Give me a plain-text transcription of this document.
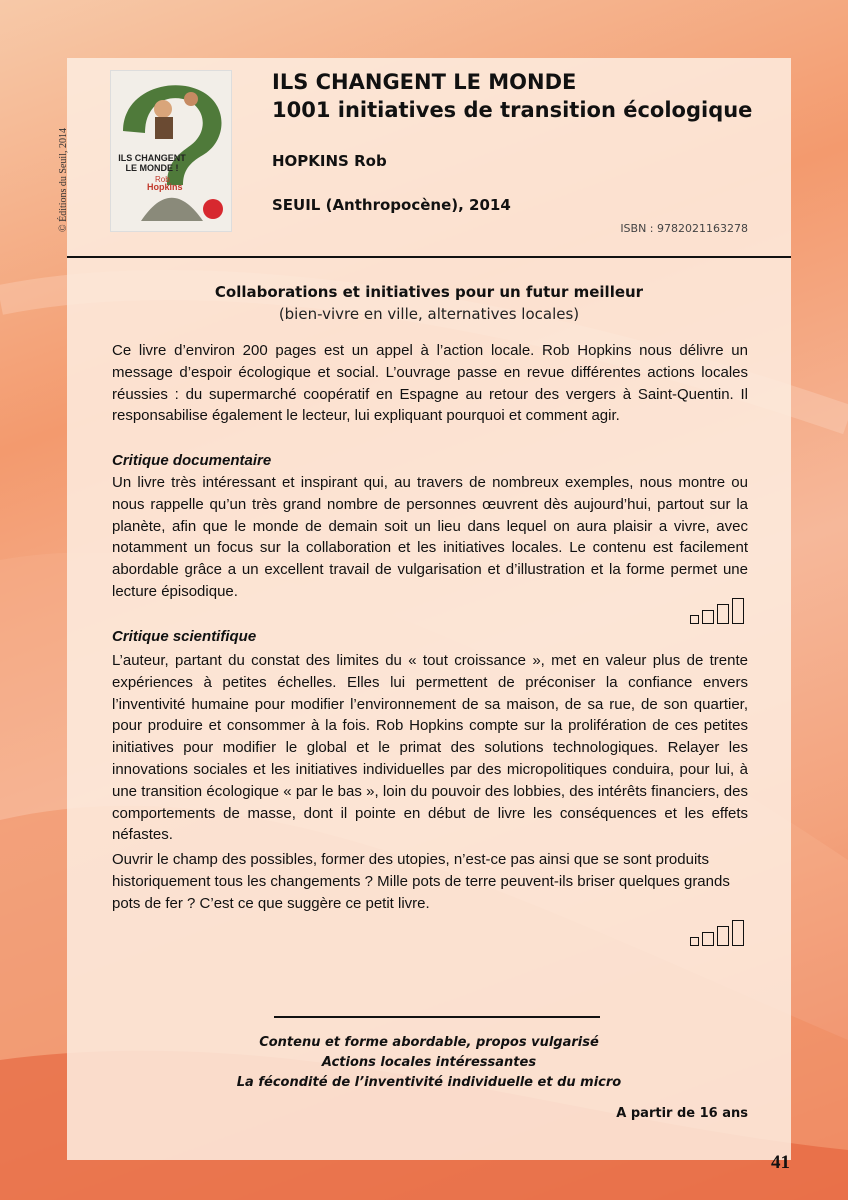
© Éditions du Seuil, 2014	ILS CHANGENT LE MONDE !
Rob
Hopkins
ILS CHANGENT LE MONDE
1001 initiatives de transition écologique
HOPKINS Rob
SEUIL (Anthropocène), 2014
ISBN : 9782021163278
Collaborations et initiatives pour un futur meilleur
(bien-vivre en ville, alternatives locales)

Ce livre d’environ 200 pages est un appel à l’action locale. Rob Hopkins nous délivre un message d’espoir écologique et social. L’ouvrage passe en revue différentes actions locales réussies : du supermarché coopératif en Espagne au retour des vergers à Saint-Quentin. Il responsabilise également le lecteur, lui expliquant pourquoi et comment agir.

Critique documentaire

Un livre très intéressant et inspirant qui, au travers de nombreux exemples, nous montre ou nous rappelle qu’un très grand nombre de personnes œuvrent dès aujourd’hui, partout sur la planète, afin que le monde de demain soit un lieu dans lequel on aura plaisir a vivre, avec notamment un focus sur la collaboration et les initiatives locales. Le contenu est facilement abordable grâce a un excellent travail de vulgarisation et d’illustration et la forme permet une lecture épisodique.

Critique scientifique

L’auteur, partant du constat des limites du « tout croissance », met en valeur plus de trente expériences à petites échelles. Elles lui permettent de préconiser la confiance envers l’inventivité humaine pour modifier l’environnement de sa maison, de sa rue, de son quartier, pour produire et consommer à la fois. Rob Hopkins compte sur la prolifération de ces petites initiatives pour modifier le global et le primat des solutions technologiques. Relayer les innovations sociales et les initiatives individuelles par des micropolitiques conduira, pour lui, à une transition écologique « par le bas », loin du pouvoir des lobbies, des intérêts financiers, des comportements de masse, dont il pointe en début de livre les conséquences et les effets néfastes.

Ouvrir le champ des possibles, former des utopies, n’est-ce pas ainsi que se sont produits historiquement tous les changements ? Mille pots de terre peuvent-ils briser quelques grands pots de fer ? C’est ce que suggère ce petit livre.

Contenu et forme abordable, propos vulgarisé
Actions locales intéressantes
La fécondité de l’inventivité individuelle et du micro
A partir de 16 ans
41
